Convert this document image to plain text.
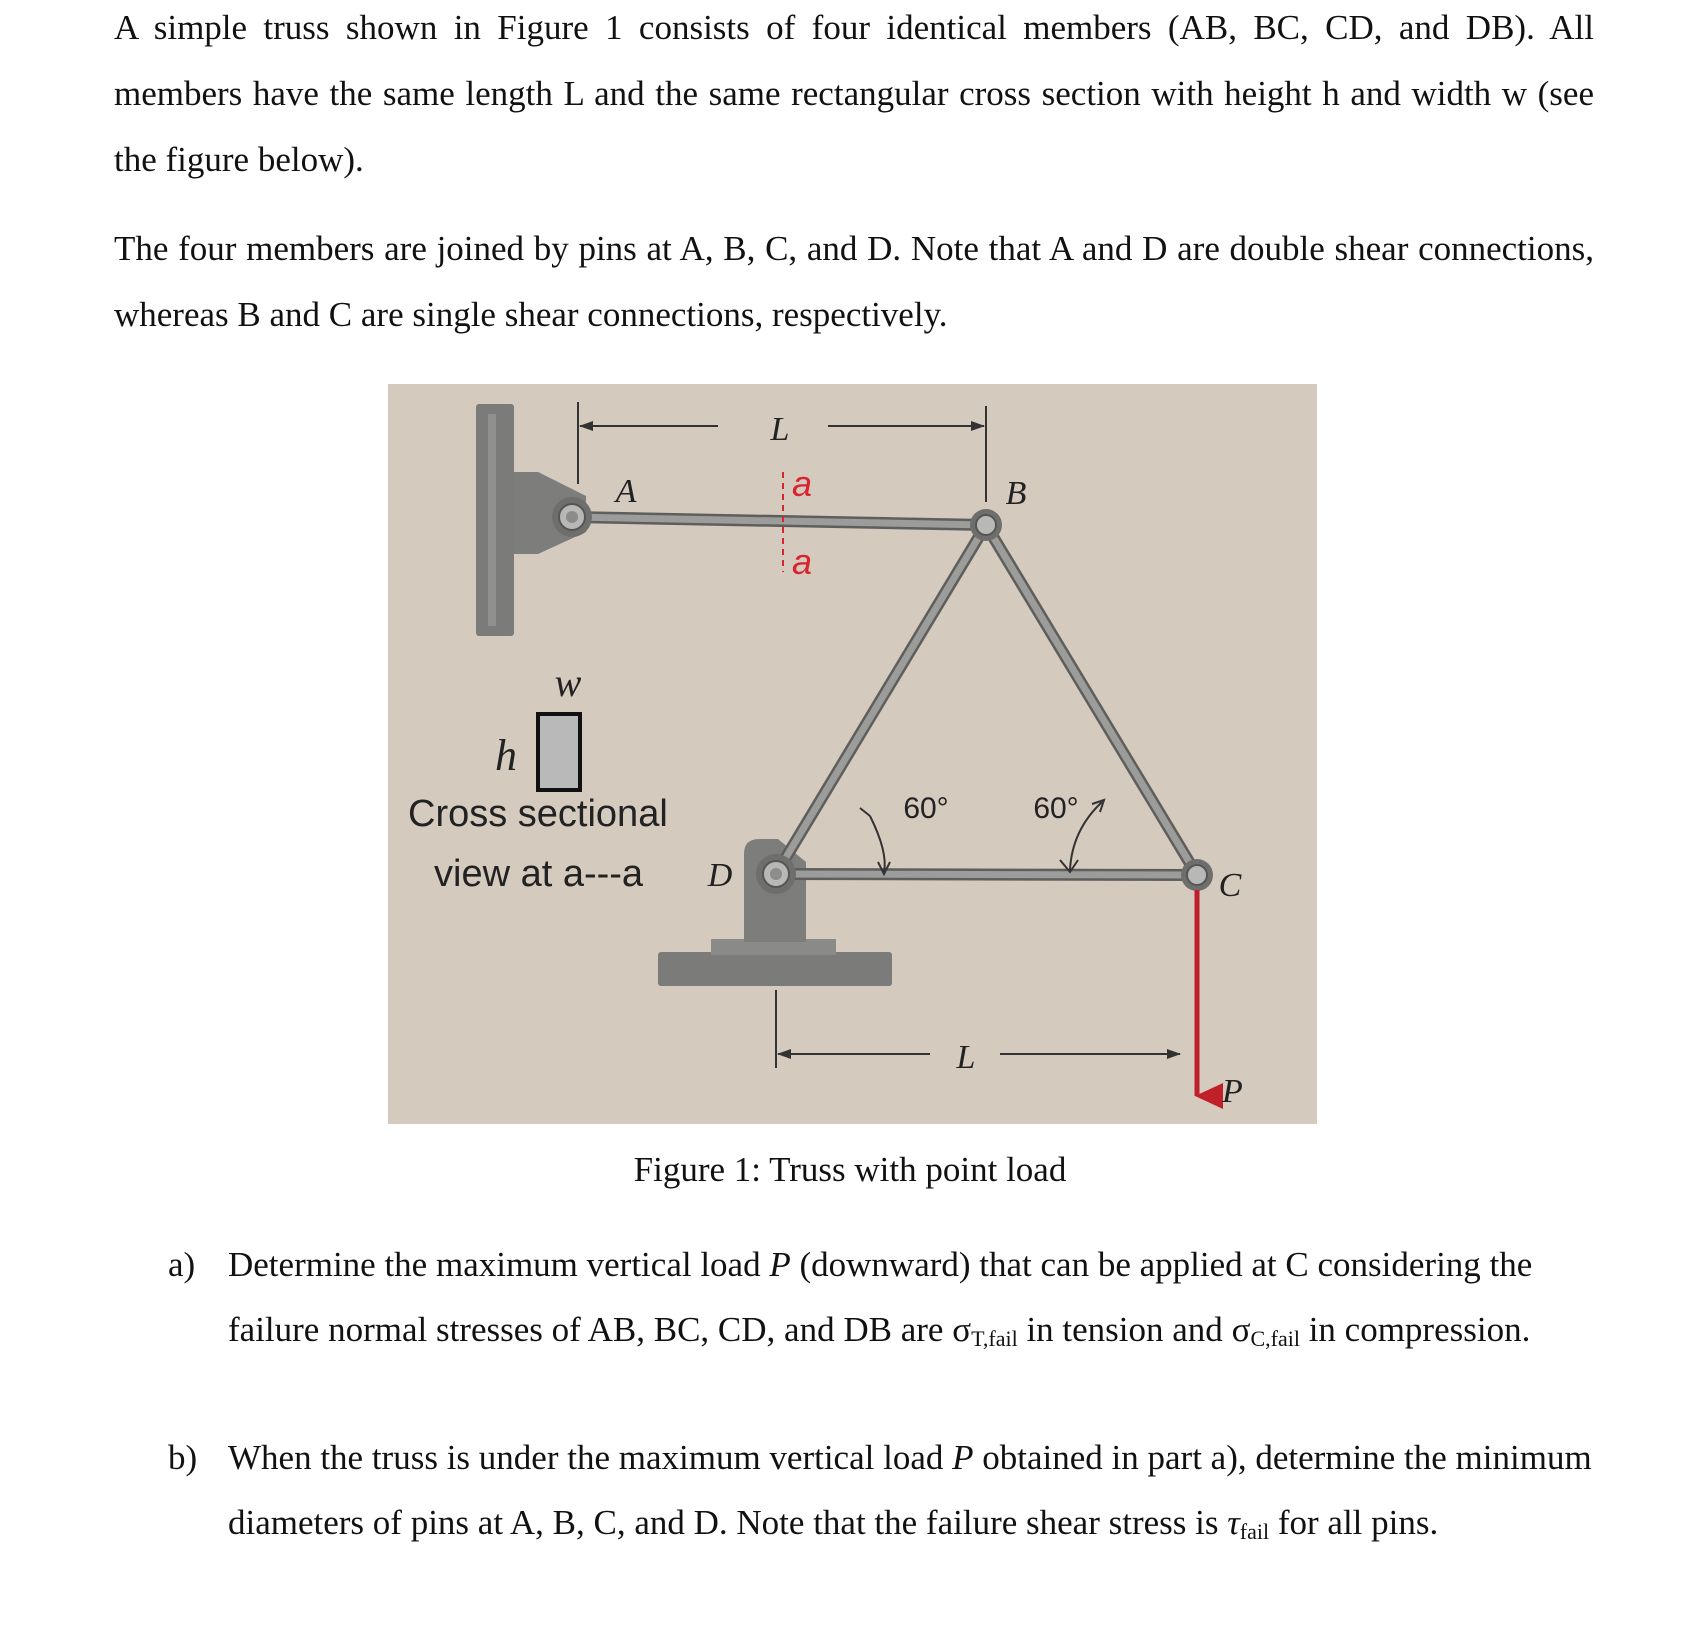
A simple truss shown in Figure 1 consists of four identical members (AB, BC, CD, and DB). All members have the same length L and the same rectangular cross section with height h and width w (see the figure below).
The four members are joined by pins at A, B, C, and D. Note that A and D are double shear connections, whereas B and C are single shear connections, respectively.
L
L
a
a
A	B
C
D
60°	60°
P
w
h
Cross sectional
view at a---a
Figure 1: Truss with point load
a) Determine the maximum vertical load P (downward) that can be applied at C considering the failure normal stresses of AB, BC, CD, and DB are $\sigma_{T,fail}$ in tension and $\sigma_{C,fail}$ in compression.
b) When the truss is under the maximum vertical load P obtained in part a), determine the minimum diameters of pins at A, B, C, and D. Note that the failure shear stress is $\tau_{fail}$ for all pins.
